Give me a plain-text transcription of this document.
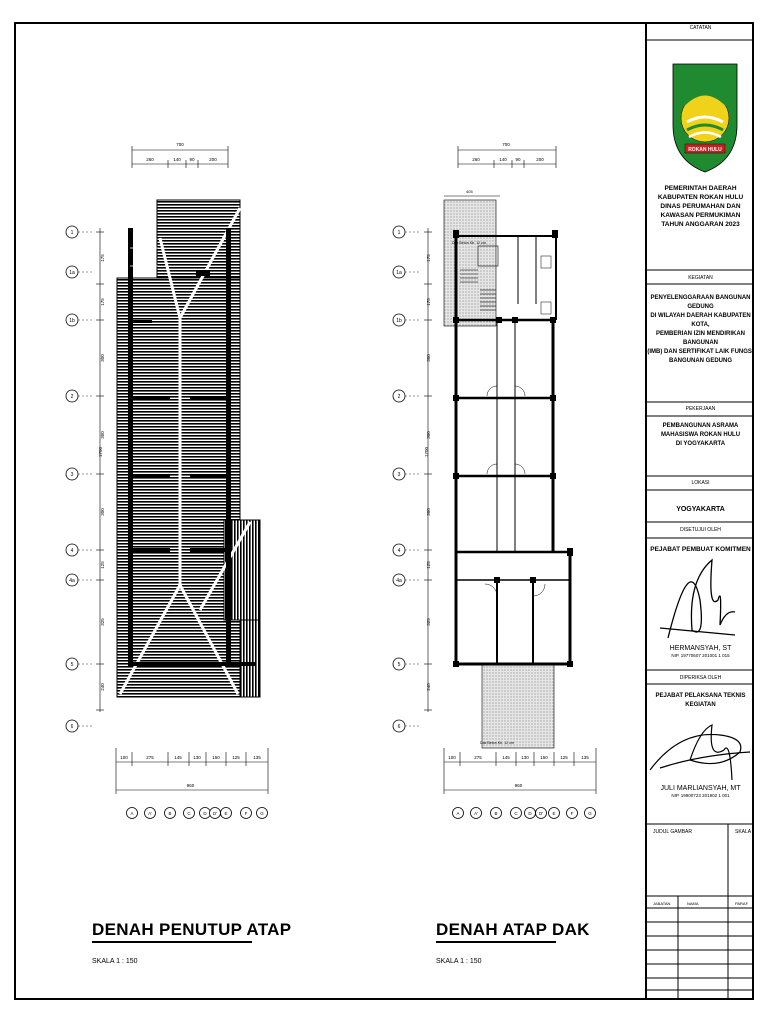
1
1a
1b
2
3
4
4a
5
6
1
1a
1b
2
3
4
4a
5
6
A	A'	B	C	D D' E	F	G	A	A'	B	C D D' E	F	G
700
260	140 90	200
175
175
300
300
300
125
325
240
1700
100	275	145	130	150	125	135
960
700
260	140 90	200
175
175
300
300
300
125
325
240
1700
100	275	145	130	150	125	135
960
Dak Beton Kb. 12 cm
Dak Beton Kb. 12 cm
405
ROKAN HULU
CATATAN
PEMERINTAH DAERAH
KABUPATEN ROKAN HULU
DINAS PERUMAHAN DAN
KAWASAN PERMUKIMAN
TAHUN ANGGARAN 2023
KEGIATAN
PENYELENGGARAAN BANGUNAN GEDUNG
DI WILAYAH DAERAH KABUPATEN KOTA,
PEMBERIAN IZIN MENDIRIKAN BANGUNAN
(IMB) DAN SERTIFIKAT LAIK FUNGSI
BANGUNAN GEDUNG
PEKERJAAN
PEMBANGUNAN ASRAMA
MAHASISWA ROKAN HULU
DI YOGYAKARTA
LOKASI
YOGYAKARTA
DISETUJUI OLEH
PEJABAT PEMBUAT KOMITMEN
HERMANSYAH, ST
NIP. 19770607 201001 1 015
DIPERIKSA OLEH
PEJABAT PELAKSANA TEKNIS KEGIATAN
JULI MARLIANSYAH, MT
NIP. 19900723 201902 1 001
JUDUL GAMBAR	SKALA
JABATAN	NAMA	PARAF
DENAH PENUTUP ATAP
SKALA 1 : 150
DENAH ATAP DAK
SKALA 1 : 150
